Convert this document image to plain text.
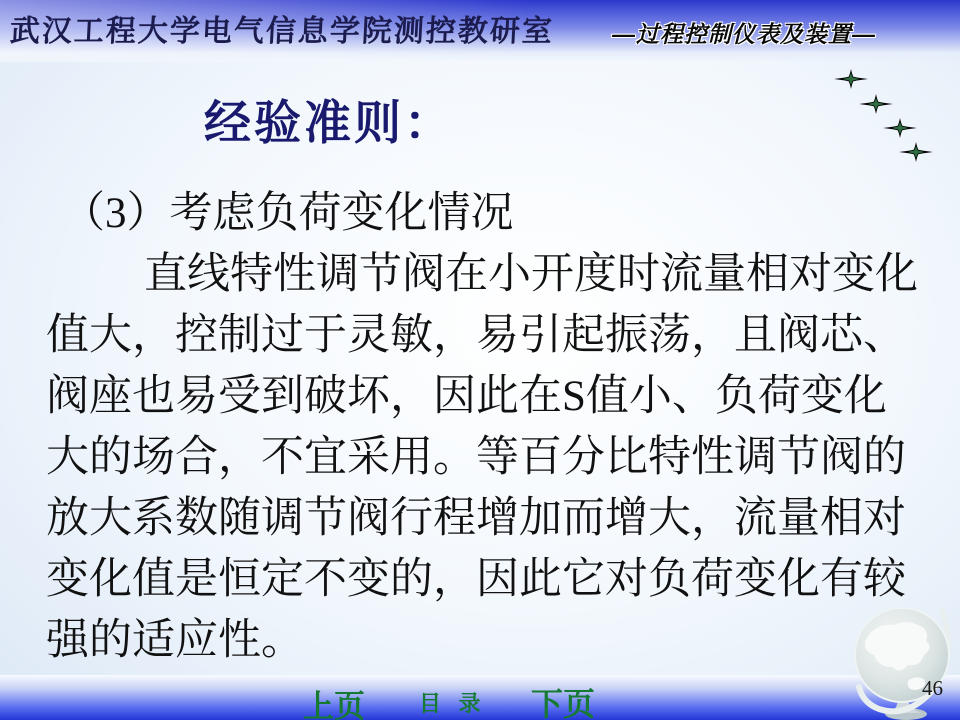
武汉工程大学电气信息学院测控教研室 —过程控制仪表及装置—
经验准则：
（3）考虑负荷变化情况
直线特性调节阀在小开度时流量相对变化
值大，控制过于灵敏，易引起振荡，且阀芯、
阀座也易受到破坏，因此在S值小、负荷变化
大的场合，不宜采用。等百分比特性调节阀的
放大系数随调节阀行程增加而增大，流量相对
变化值是恒定不变的，因此它对负荷变化有较
强的适应性。
上页 目 录 下页	46
